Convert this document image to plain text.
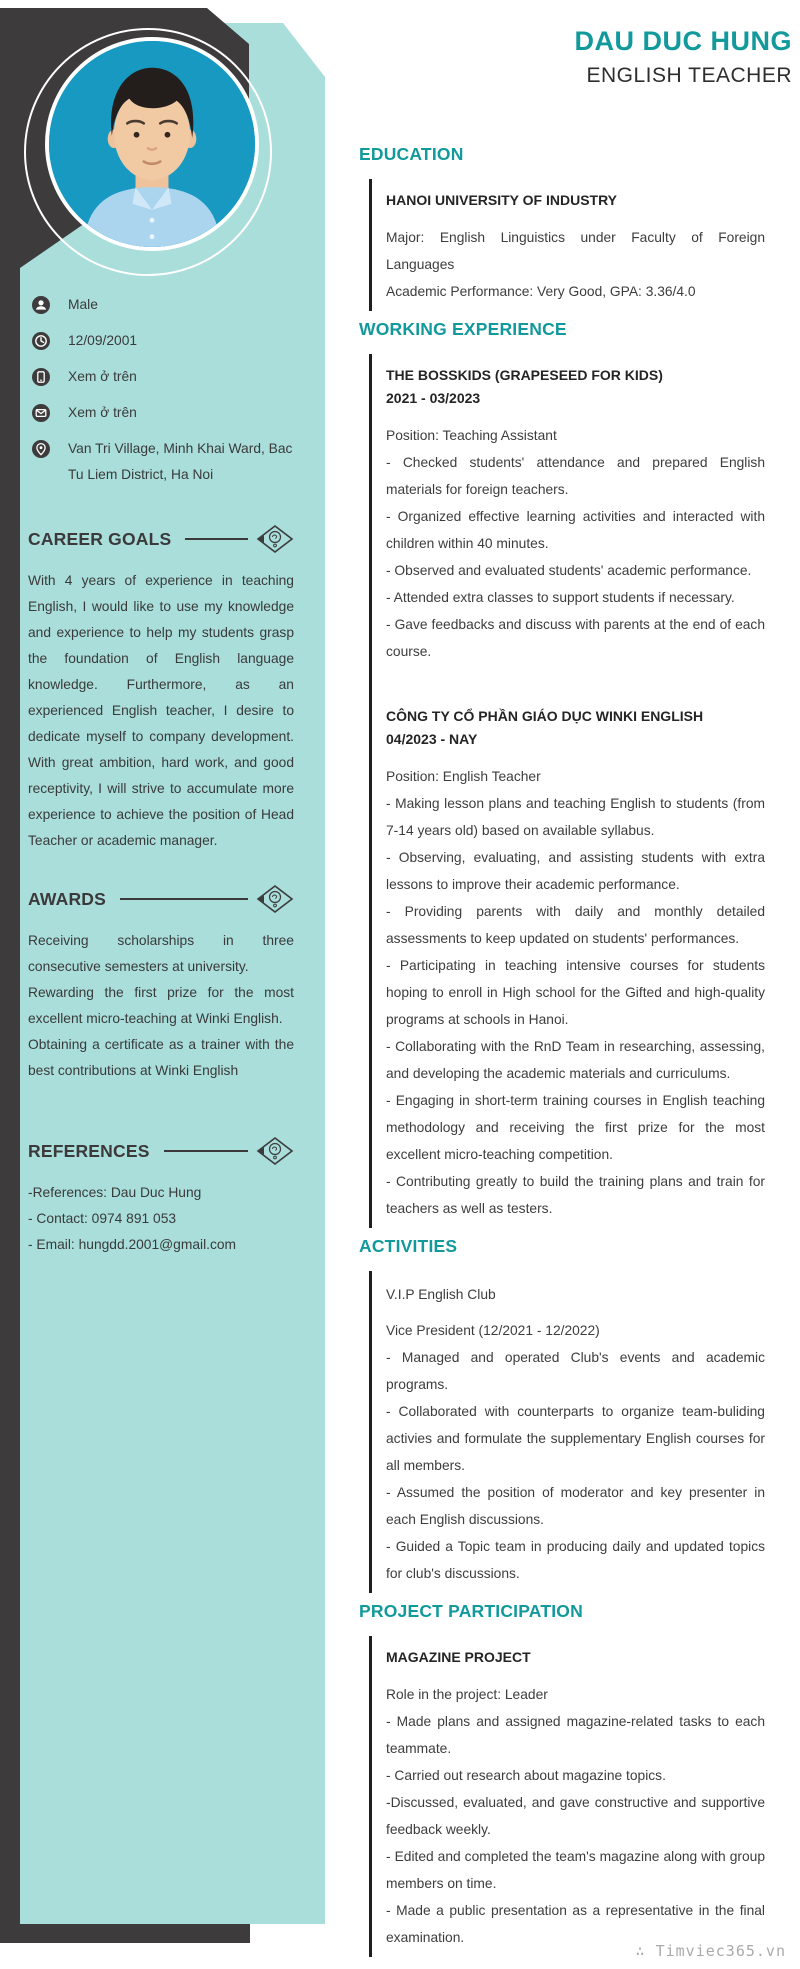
DAU DUC HUNG
ENGLISH TEACHER
Male
12/09/2001
Xem ở trên
Xem ở trên
Van Tri Village, Minh Khai Ward, Bac Tu Liem District, Ha Noi
CAREER GOALS

With 4 years of experience in teaching English, I would like to use my knowledge and experience to help my students grasp the foundation of English language knowledge. Furthermore, as an experienced English teacher, I desire to dedicate myself to company development. With great ambition, hard work, and good receptivity, I will strive to accumulate more experience to achieve the position of Head Teacher or academic manager.

AWARDS

Receiving scholarships in three consecutive semesters at university.

Rewarding the first prize for the most excellent micro-teaching at Winki English.

Obtaining a certificate as a trainer with the best contributions at Winki English

REFERENCES

-References: Dau Duc Hung

- Contact: 0974 891 053

- Email: hungdd.2001@gmail.com

EDUCATION
HANOI UNIVERSITY OF INDUSTRY

Major: English Linguistics under Faculty of Foreign Languages

Academic Performance: Very Good, GPA: 3.36/4.0

WORKING EXPERIENCE
THE BOSSKIDS (GRAPESEED FOR KIDS)
2021 - 03/2023

Position: Teaching Assistant

- Checked students' attendance and prepared English materials for foreign teachers.

- Organized effective learning activities and interacted with children within 40 minutes.

- Observed and evaluated students' academic performance.

- Attended extra classes to support students if necessary.

- Gave feedbacks and discuss with parents at the end of each course.

CÔNG TY CỔ PHẦN GIÁO DỤC WINKI ENGLISH
04/2023 - NAY

Position: English Teacher

- Making lesson plans and teaching English to students (from 7-14 years old) based on available syllabus.

- Observing, evaluating, and assisting students with extra lessons to improve their academic performance.

- Providing parents with daily and monthly detailed assessments to keep updated on students' performances.

- Participating in teaching intensive courses for students hoping to enroll in High school for the Gifted and high-quality programs at schools in Hanoi.

- Collaborating with the RnD Team in researching, assessing, and developing the academic materials and curriculums.

- Engaging in short-term training courses in English teaching methodology and receiving the first prize for the most excellent micro-teaching competition.

- Contributing greatly to build the training plans and train for teachers as well as testers.

ACTIVITIES

V.I.P English Club

Vice President (12/2021 - 12/2022)

- Managed and operated Club's events and academic programs.

- Collaborated with counterparts to organize team-buliding activies and formulate the supplementary English courses for all members.

- Assumed the position of moderator and key presenter in each English discussions.

- Guided a Topic team in producing daily and updated topics for club's discussions.

PROJECT PARTICIPATION
MAGAZINE PROJECT

Role in the project: Leader

- Made plans and assigned magazine-related tasks to each teammate.

- Carried out research about magazine topics.

-Discussed, evaluated, and gave constructive and supportive feedback weekly.

- Edited and completed the team's magazine along with group members on time.

- Made a public presentation as a representative in the final examination.

∴ Timviec365.vn
